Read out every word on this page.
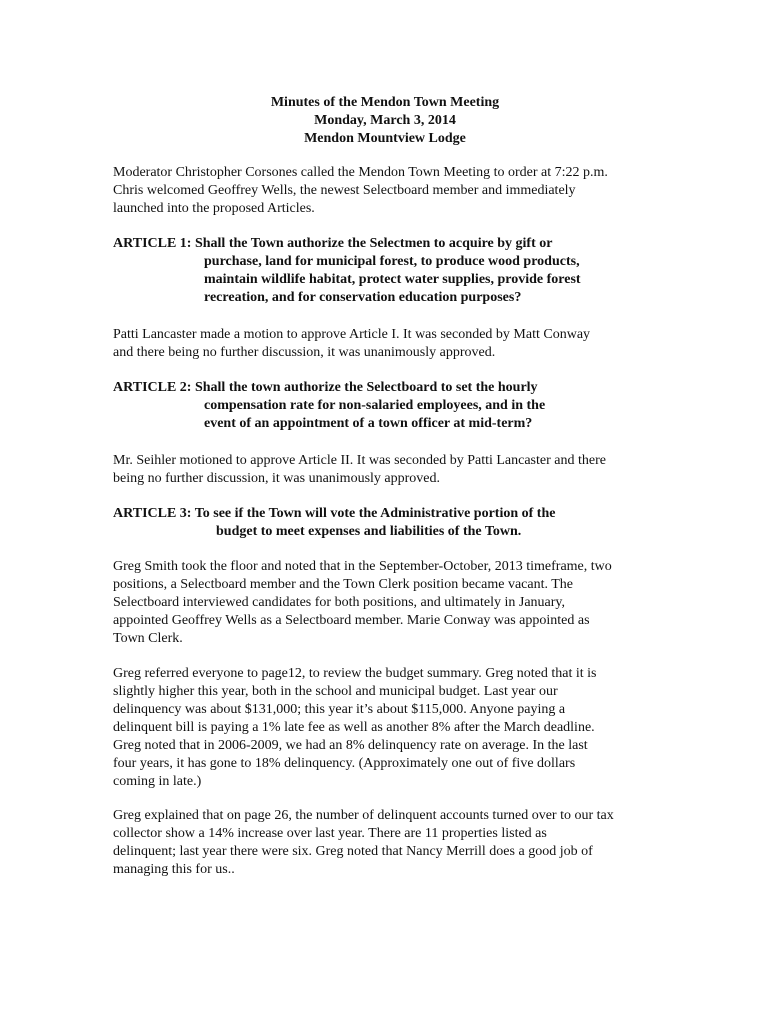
Minutes of the Mendon Town Meeting
Monday, March 3, 2014
Mendon Mountview Lodge
Moderator Christopher Corsones called the Mendon Town Meeting to order at 7:22 p.m.
Chris welcomed Geoffrey Wells, the newest Selectboard member and immediately
launched into the proposed Articles.
ARTICLE 1: Shall the Town authorize the Selectmen to acquire by gift or
purchase, land for municipal forest, to produce wood products,
maintain wildlife habitat, protect water supplies, provide forest
recreation, and for conservation education purposes?
Patti Lancaster made a motion to approve Article I. It was seconded by Matt Conway
and there being no further discussion, it was unanimously approved.
ARTICLE 2: Shall the town authorize the Selectboard to set the hourly
compensation rate for non-salaried employees, and in the
event of an appointment of a town officer at mid-term?
Mr. Seihler motioned to approve Article II. It was seconded by Patti Lancaster and there
being no further discussion, it was unanimously approved.
ARTICLE 3: To see if the Town will vote the Administrative portion of the
budget to meet expenses and liabilities of the Town.
Greg Smith took the floor and noted that in the September-October, 2013 timeframe, two
positions, a Selectboard member and the Town Clerk position became vacant. The
Selectboard interviewed candidates for both positions, and ultimately in January,
appointed Geoffrey Wells as a Selectboard member. Marie Conway was appointed as
Town Clerk.
Greg referred everyone to page12, to review the budget summary. Greg noted that it is
slightly higher this year, both in the school and municipal budget. Last year our
delinquency was about $131,000; this year it’s about $115,000. Anyone paying a
delinquent bill is paying a 1% late fee as well as another 8% after the March deadline.
Greg noted that in 2006-2009, we had an 8% delinquency rate on average. In the last
four years, it has gone to 18% delinquency. (Approximately one out of five dollars
coming in late.)
Greg explained that on page 26, the number of delinquent accounts turned over to our tax
collector show a 14% increase over last year. There are 11 properties listed as
delinquent; last year there were six. Greg noted that Nancy Merrill does a good job of
managing this for us..
